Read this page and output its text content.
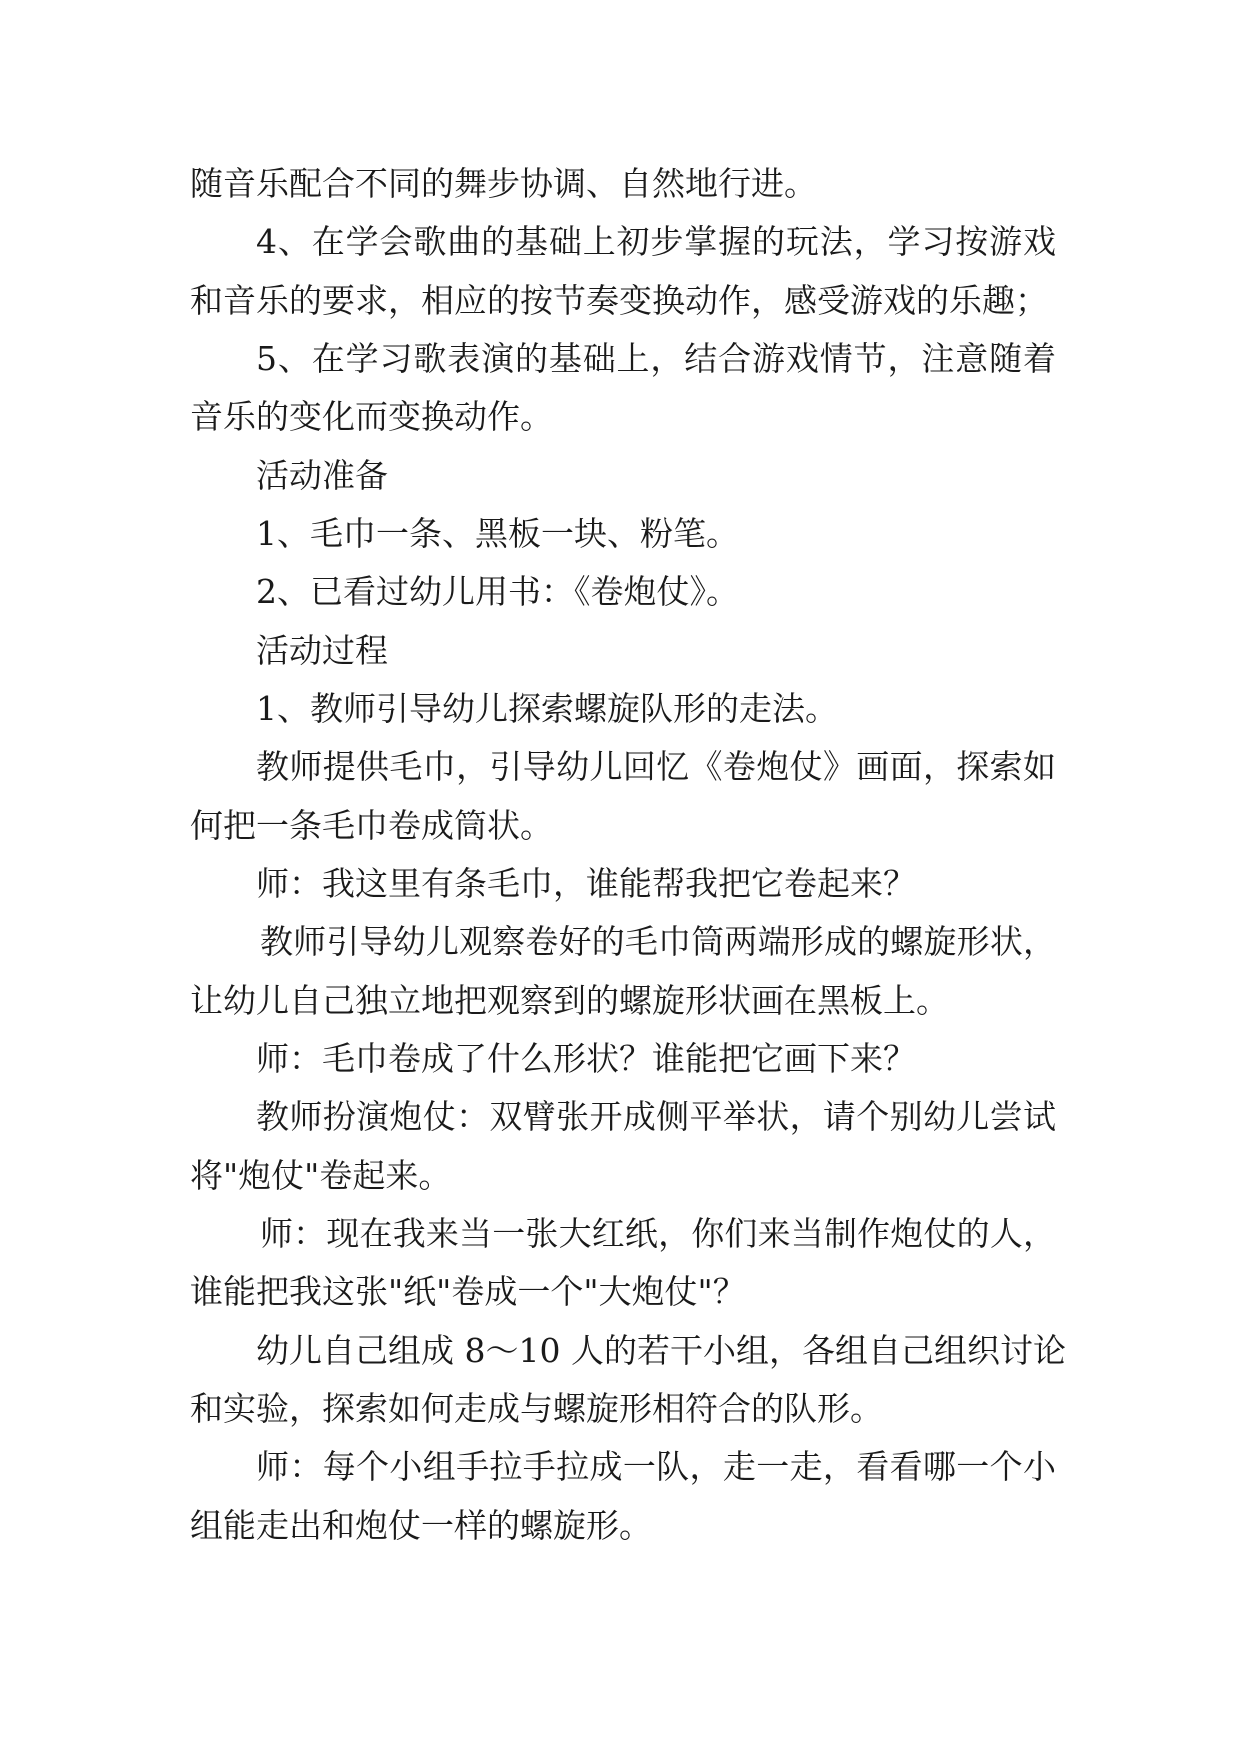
随音乐配合不同的舞步协调、自然地行进。
4、在学会歌曲的基础上初步掌握的玩法，学习按游戏
和音乐的要求，相应的按节奏变换动作，感受游戏的乐趣；
5、在学习歌表演的基础上，结合游戏情节，注意随着
音乐的变化而变换动作。
活动准备
1、毛巾一条、黑板一块、粉笔。
2、已看过幼儿用书：《卷炮仗》。
活动过程
1、教师引导幼儿探索螺旋队形的走法。
教师提供毛巾，引导幼儿回忆《卷炮仗》画面，探索如
何把一条毛巾卷成筒状。
师：我这里有条毛巾，谁能帮我把它卷起来？
教师引导幼儿观察卷好的毛巾筒两端形成的螺旋形状，
让幼儿自己独立地把观察到的螺旋形状画在黑板上。
师：毛巾卷成了什么形状？谁能把它画下来？
教师扮演炮仗：双臂张开成侧平举状，请个别幼儿尝试
将"炮仗"卷起来。
师：现在我来当一张大红纸，你们来当制作炮仗的人，
谁能把我这张"纸"卷成一个"大炮仗"？
幼儿自己组成 8～10 人的若干小组，各组自己组织讨论
和实验，探索如何走成与螺旋形相符合的队形。
师：每个小组手拉手拉成一队，走一走，看看哪一个小
组能走出和炮仗一样的螺旋形。
